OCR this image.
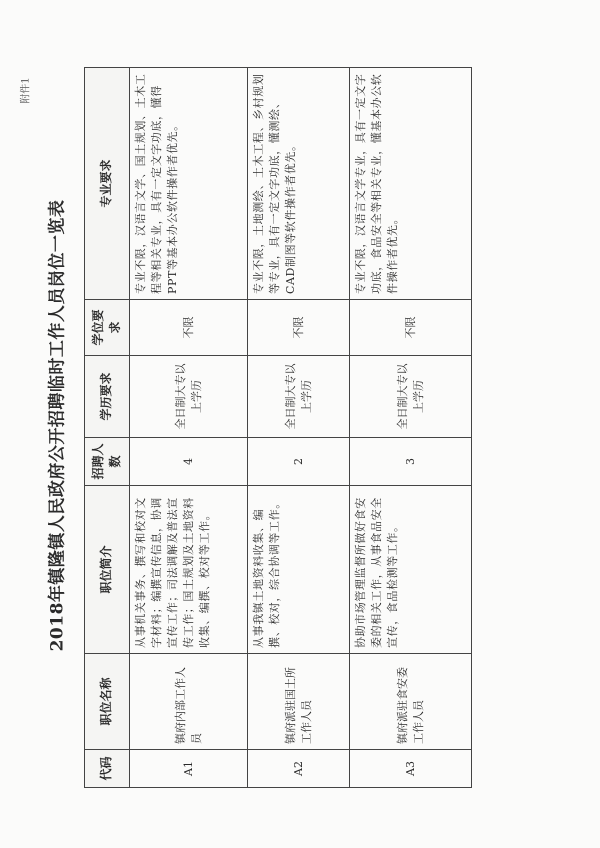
附件1
2018年镇隆镇人民政府公开招聘临时工作人员岗位一览表
代码	职位名称	职位简介	招聘人数	学历要求	学位要求	专业要求
A1	镇府内部工作人员	从事机关事务、撰写和校对文字材料；编撰宣传信息，协调宣传工作；司法调解及普法宣传工作；国土规划及土地资料收集、编撰、校对等工作。	4	全日制大专以上学历	不限	专业不限，汉语言文学、国土规划、土木工程等相关专业，具有一定文字功底，懂得PPT等基本办公软件操作者优先。
A2	镇府派驻国土所工作人员	从事我镇土地资料收集、编撰、校对，综合协调等工作。	2	全日制大专以上学历	不限	专业不限，土地测绘、土木工程、乡村规划等专业，具有一定文字功底，懂测绘、CAD制图等软件操作者优先。
A3	镇府派驻食安委工作人员	协助市场管理监督所做好食安委的相关工作，从事食品安全宣传，食品检测等工作。	3	全日制大专以上学历	不限	专业不限，汉语言文学专业，具有一定文字功底，食品安全等相关专业，懂基本办公软件操作者优先。
